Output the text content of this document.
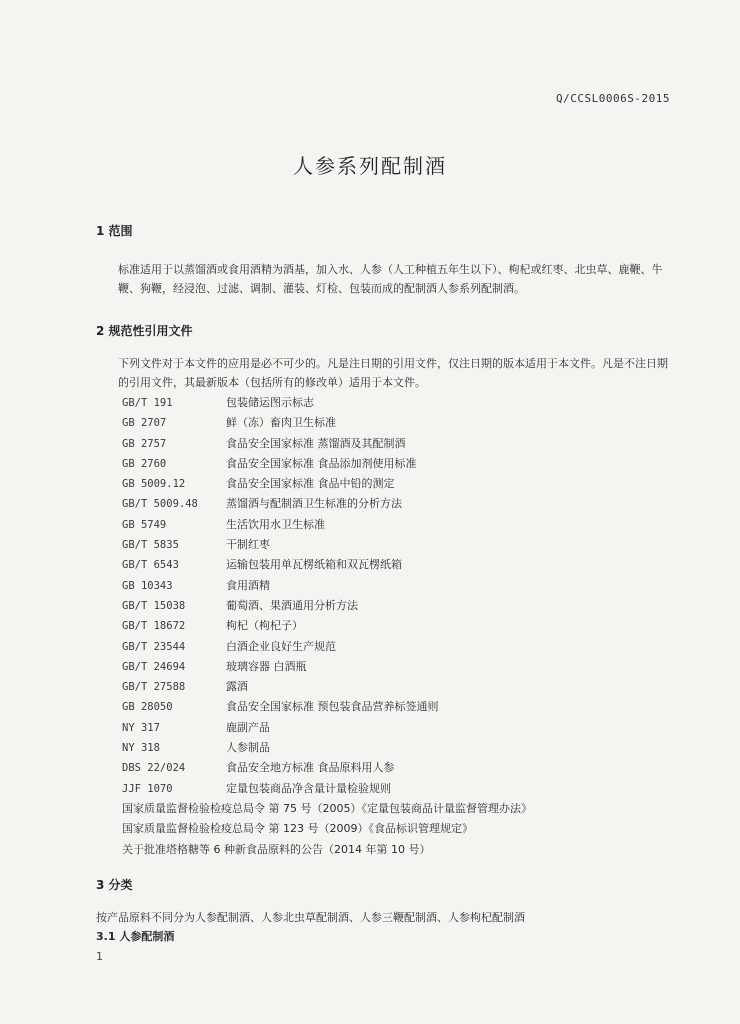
Q/CCSL0006S-2015
人参系列配制酒
1 范围
标准适用于以蒸馏酒或食用酒精为酒基，加入水、人参（人工种植五年生以下）、枸杞或红枣、北虫草、鹿鞭、牛鞭、狗鞭，经浸泡、过滤、调制、灌装、灯检、包装而成的配制酒人参系列配制酒。
2 规范性引用文件
下列文件对于本文件的应用是必不可少的。凡是注日期的引用文件，仅注日期的版本适用于本文件。凡是不注日期的引用文件，其最新版本（包括所有的修改单）适用于本文件。
GB/T 191	包装储运图示标志
GB 2707	鲜（冻）畜肉卫生标准
GB 2757	食品安全国家标准 蒸馏酒及其配制酒
GB 2760	食品安全国家标准 食品添加剂使用标准
GB 5009.12	食品安全国家标准 食品中铅的测定
GB/T 5009.48	蒸馏酒与配制酒卫生标准的分析方法
GB 5749	生活饮用水卫生标准
GB/T 5835	干制红枣
GB/T 6543	运输包装用单瓦楞纸箱和双瓦楞纸箱
GB 10343	食用酒精
GB/T 15038	葡萄酒、果酒通用分析方法
GB/T 18672	枸杞（枸杞子）
GB/T 23544	白酒企业良好生产规范
GB/T 24694	玻璃容器 白酒瓶
GB/T 27588	露酒
GB 28050	食品安全国家标准 预包装食品营养标签通则
NY 317	鹿副产品
NY 318	人参制品
DBS 22/024	食品安全地方标准 食品原料用人参
JJF 1070	定量包装商品净含量计量检验规则
国家质量监督检验检疫总局令 第 75 号（2005）《定量包装商品计量监督管理办法》
国家质量监督检验检疫总局令 第 123 号（2009）《食品标识管理规定》
关于批准塔格糖等 6 种新食品原料的公告（2014 年第 10 号）
3 分类
按产品原料不同分为人参配制酒、人参北虫草配制酒、人参三鞭配制酒、人参枸杞配制酒
3.1 人参配制酒
1
